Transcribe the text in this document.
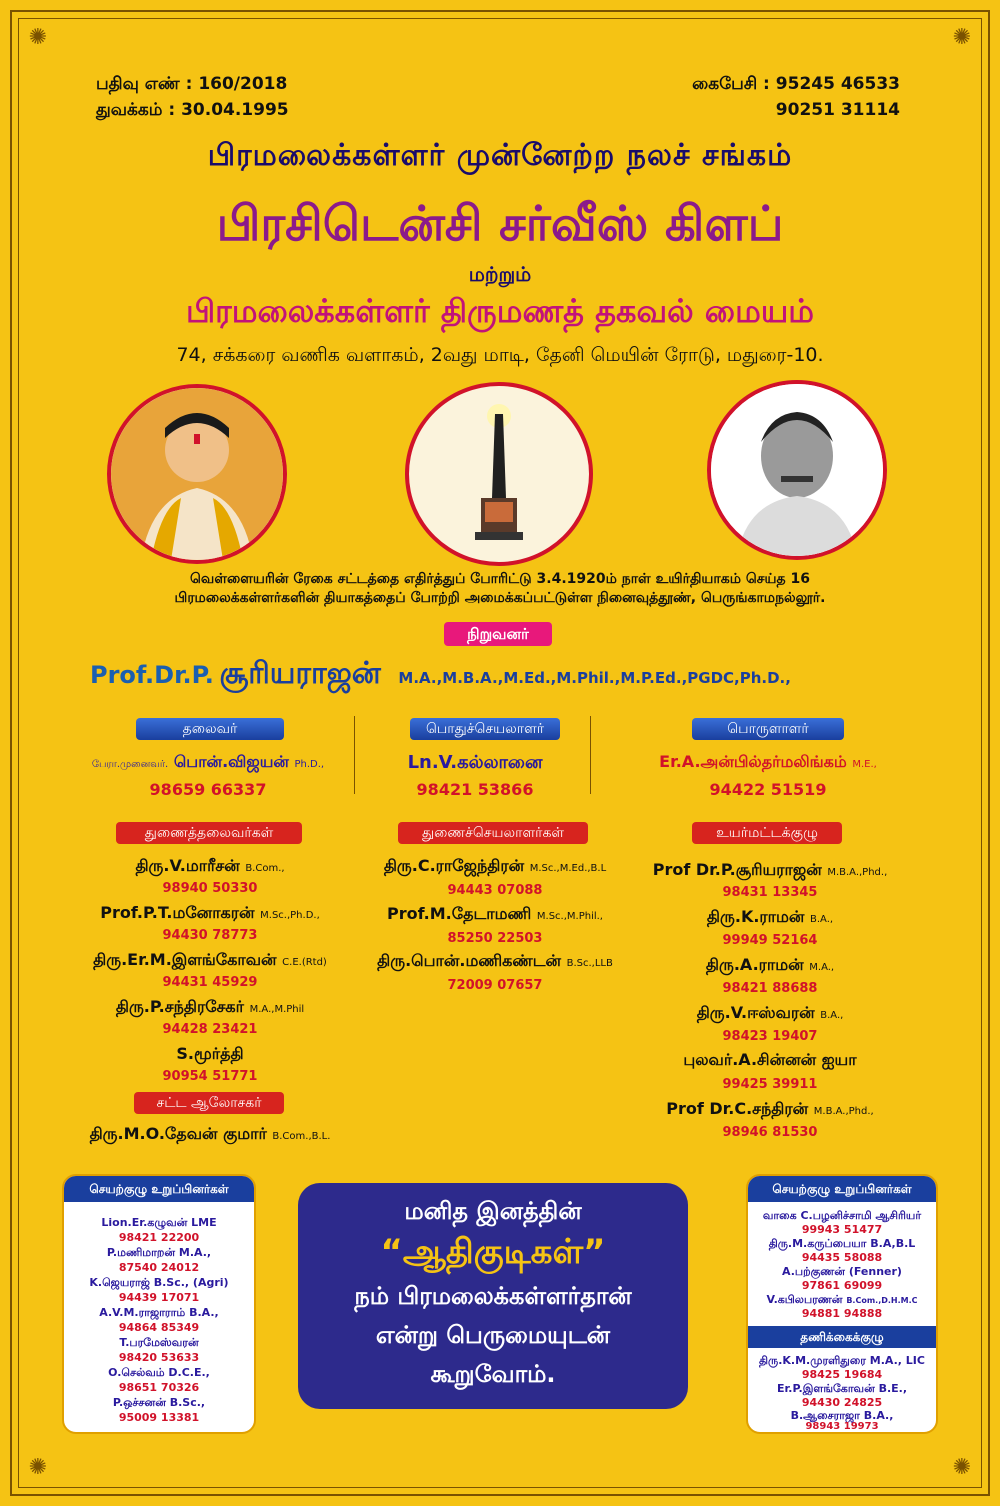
✺	✺
✺	✺
பதிவு எண் : 160/2018
துவக்கம் : 30.04.1995
கைபேசி : 95245 46533
90251 31114
பிரமலைக்கள்ளர் முன்னேற்ற நலச் சங்கம்
பிரசிடென்சி சர்வீஸ் கிளப்
மற்றும்
பிரமலைக்கள்ளர் திருமணத் தகவல் மையம்
74, சக்கரை வணிக வளாகம், 2வது மாடி, தேனி மெயின் ரோடு, மதுரை-10.
வெள்ளையரின் ரேகை சட்டத்தை எதிர்த்துப் போரிட்டு 3.4.1920ம் நாள் உயிர்தியாகம் செய்த 16
பிரமலைக்கள்ளர்களின் தியாகத்தைப் போற்றி அமைக்கப்பட்டுள்ள நினைவுத்தூண், பெருங்காமநல்லூர்.
நிறுவனர்
Prof.Dr.P. சூரியராஜன் M.A.,M.B.A.,M.Ed.,M.Phil.,M.P.Ed.,PGDC,Ph.D.,
தலைவர்
பேரா.முனைவர். பொன்.விஜயன் Ph.D.,
98659 66337
பொதுச்செயலாளர்
Ln.V.கல்லானை
98421 53866
பொருளாளர்
Er.A.அன்பில்தர்மலிங்கம் M.E.,
94422 51519
துணைத்தலைவர்கள்
திரு.V.மாரீசன் B.Com.,
98940 50330
Prof.P.T.மனோகரன் M.Sc.,Ph.D.,
94430 78773
திரு.Er.M.இளங்கோவன் C.E.(Rtd)
94431 45929
திரு.P.சந்திரசேகர் M.A.,M.Phil
94428 23421
S.மூர்த்தி
90954 51771
சட்ட ஆலோசகர்
திரு.M.O.தேவன் குமார் B.Com.,B.L.
துணைச்செயலாளர்கள்
திரு.C.ராஜேந்திரன் M.Sc.,M.Ed.,B.L
94443 07088
Prof.M.தேடாமணி M.Sc.,M.Phil.,
85250 22503
திரு.பொன்.மணிகண்டன் B.Sc.,LLB
72009 07657
உயர்மட்டக்குழு
Prof Dr.P.சூரியராஜன் M.B.A.,Phd.,
98431 13345
திரு.K.ராமன் B.A.,
99949 52164
திரு.A.ராமன் M.A.,
98421 88688
திரு.V.ஈஸ்வரன் B.A.,
98423 19407
புலவர்.A.சின்னன் ஐயா
99425 39911
Prof Dr.C.சந்திரன் M.B.A.,Phd.,
98946 81530
செயற்குழு உறுப்பினர்கள்
Lion.Er.கழுவன் LME
98421 22200
P.மணிமாறன் M.A.,
87540 24012
K.ஜெயராஜ் B.Sc., (Agri)
94439 17071
A.V.M.ராஜாராம் B.A.,
94864 85349
T.பரமேஸ்வரன்
98420 53633
O.செல்வம் D.C.E.,
98651 70326
P.ஒச்சனன் B.Sc.,
95009 13381
மனித இனத்தின்
“ஆதிகுடிகள்”
நம் பிரமலைக்கள்ளர்தான்
என்று பெருமையுடன்
கூறுவோம்.
செயற்குழு உறுப்பினர்கள்
வாகை C.பழனிச்சாமி ஆசிரியர்
99943 51477
திரு.M.கருப்பையா B.A,B.L
94435 58088
A.பற்குணன் (Fenner)
97861 69099
V.கபிலபரணன் B.Com.,D.H.M.C
94881 94888
தணிக்கைக்குழு
திரு.K.M.முரளிதுரை M.A., LIC
98425 19684
Er.P.இளங்கோவன் B.E.,
94430 24825
B.ஆசைராஜா B.A.,
98943 19973
